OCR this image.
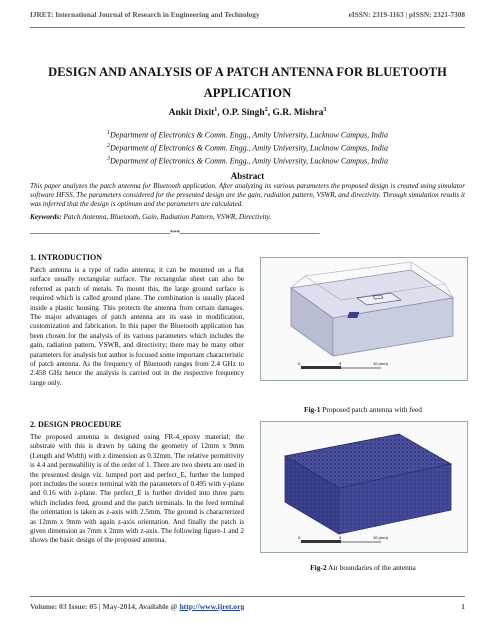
IJRET: International Journal of Research in Engineering and Technology	eISSN: 2319-1163 | pISSN: 2321-7308
DESIGN AND ANALYSIS OF A PATCH ANTENNA FOR BLUETOOTH APPLICATION
Ankit Dixit$^1$, O.P. Singh$^2$, G.R. Mishra$^3$
$^1$Department of Electronics & Comm. Engg., Amity University, Lucknow Campus, India
$^2$Department of Electronics & Comm. Engg., Amity University, Lucknow Campus, India
$^3$Department of Electronics & Comm. Engg., Amity University, Lucknow Campus, India
Abstract
This paper analyzes the patch antenna for Bluetooth application. After analyzing its various parameters the proposed design is created using simulator software HFSS. The parameters considered for the presented design are the gain, radiation pattern, VSWR, and directivity. Through simulation results it was inferred that the design is optimum and the parameters are calculated.
Keywords: Patch Antenna, Bluetooth, Gain, Radiation Pattern, VSWR, Directivity.
----------------------------------------------------------------------***----------------------------------------------------------------------
1. INTRODUCTION

Patch antenna is a type of radio antenna; it can be mounted on a flat surface usually rectangular surface. The rectangular sheet can also be referred as patch of metals. To mount this, the large ground surface is required which is called ground plane. The combination is usually placed inside a plastic housing. This protects the antenna from certain damages. The major advantages of patch antenna are its ease in modification, customization and fabrication. In this paper the Bluetooth application has been chosen for the analysis of its various parameters which includes the gain, radiation pattern, VSWR, and directivity; there may be many other parameters for analysis but author is focused some important characteristic of patch antenna. As the frequency of Bluetooth ranges from 2.4 GHz to 2.458 GHz hence the analysis is carried out in the respective frequency range only.

2. DESIGN PROCEDURE

The proposed antenna is designed using FR-4_epoxy material; the substrate with this is drawn by taking the geometry of 12mm x 9mm (Length and Width) with z dimension as 0.32mm. The relative permittivity is 4.4 and permeability is of the order of 1. There are two sheets are used in the presented design viz. lumped port and perfect_E, further the lumped port includes the source terminal with the parameters of 0.495 with y-plane and 0.16 with z-plane. The perfect_E is further divided into three parts which includes feed, ground and the patch terminals. In the feed terminal the orientation is taken as z-axis with 2.5mm. The ground is characterized as 12mm x 9mm with again z-axis orientation. And finally the patch is given dimension as 7mm x 2mm with z-axis. The following figure-1 and 2 shows the basic design of the proposed antenna.

0	5	10 (mm)
Fig-1 Proposed patch antenna with feed
0	5	10 (mm)
Fig-2 Air boundaries of the antenna
Volume: 03 Issue: 05 | May-2014, Available @ http://www.ijret.org	1
